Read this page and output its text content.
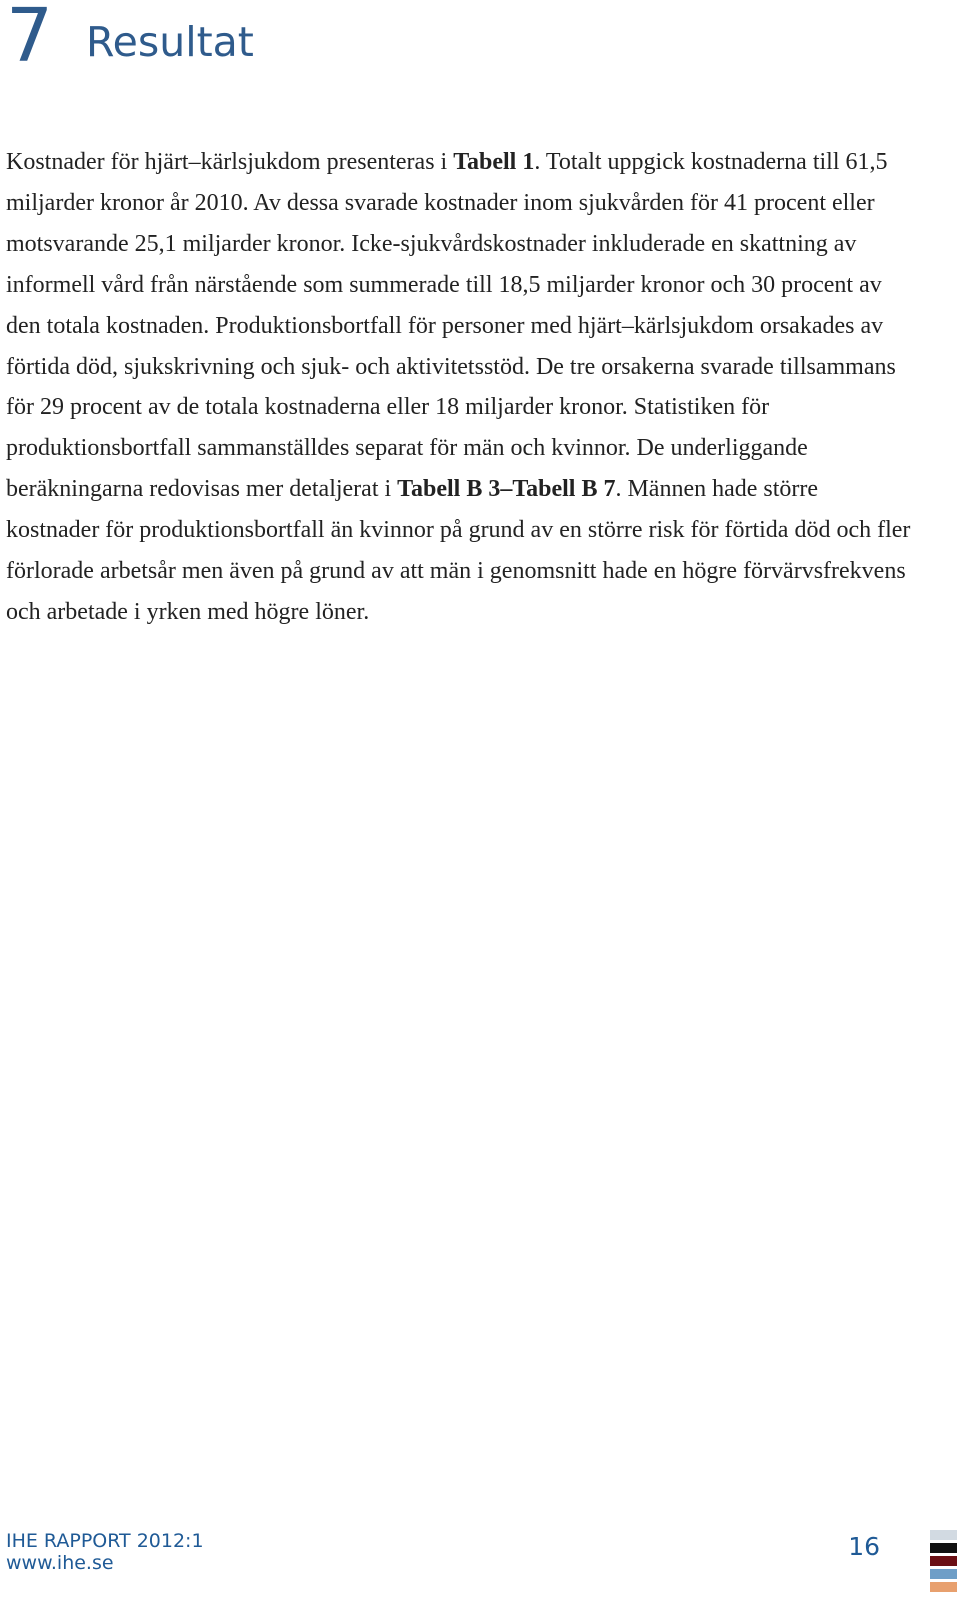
7 Resultat

Kostnader för hjärt–kärlsjukdom presenteras i Tabell 1. Totalt uppgick kostnaderna till 61,5 miljarder kronor år 2010. Av dessa svarade kostnader inom sjukvården för 41 procent eller motsvarande 25,1 miljarder kronor. Icke-sjukvårdskostnader inkluderade en skattning av informell vård från närstående som summerade till 18,5 miljarder kronor och 30 procent av den totala kostnaden. Produktionsbortfall för personer med hjärt–kärlsjukdom orsakades av förtida död, sjukskrivning och sjuk- och aktivitetsstöd. De tre orsakerna svarade tillsammans för 29 procent av de totala kostnaderna eller 18 miljarder kronor. Statistiken för produktionsbortfall sammanställdes separat för män och kvinnor. De underliggande beräkningarna redovisas mer detaljerat i Tabell B 3–Tabell B 7. Männen hade större kostnader för produktionsbortfall än kvinnor på grund av en större risk för förtida död och fler förlorade arbetsår men även på grund av att män i genomsnitt hade en högre förvärvsfrekvens och arbetade i yrken med högre löner.

IHE RAPPORT 2012:1
www.ihe.se
16
